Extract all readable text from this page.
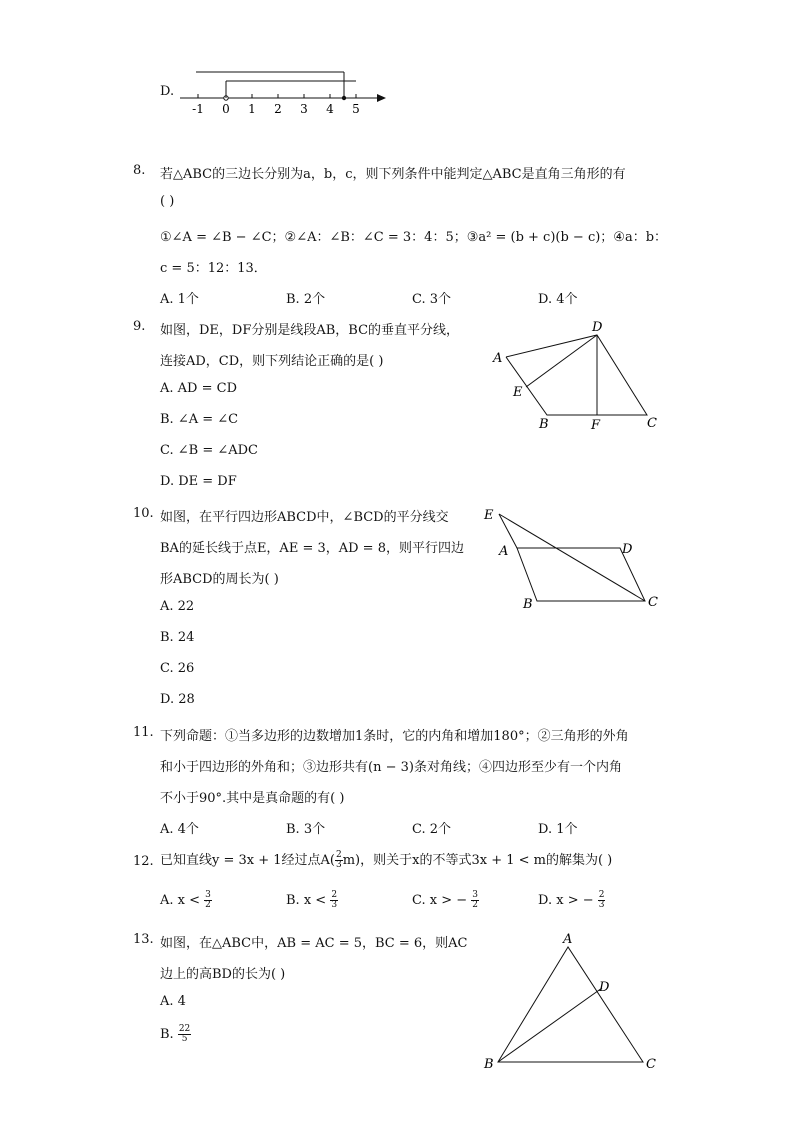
D.
-1 0 1 2 3 4 5
8. 若△ABC的三边长分别为a，b，c，则下列条件中能判定△ABC是直角三角形的有
( )
①∠A = ∠B − ∠C；②∠A：∠B：∠C = 3：4：5；③a² = (b + c)(b − c)；④a：b：
c = 5：12：13．
A. 1个	B. 2个	C. 3个	D. 4个
9. 如图，DE，DF分别是线段AB，BC的垂直平分线，
连接AD，CD，则下列结论正确的是( )
A. AD = CD
B. ∠A = ∠C
C. ∠B = ∠ADC
D. DE = DF
A
D
E
B	F	C
10. 如图，在平行四边形ABCD中，∠BCD的平分线交
BA的延长线于点E，AE = 3，AD = 8，则平行四边
形ABCD的周长为( )
A. 22
B. 24
C. 26
D. 28
E
A	D
B	C
11. 下列命题：①当多边形的边数增加1条时，它的内角和增加180°；②三角形的外角
和小于四边形的外角和；③边形共有(n − 3)条对角线；④四边形至少有一个内角
不小于90°.其中是真命题的有( )
A. 4个	B. 3个	C. 2个	D. 1个
12. 已知直线y = 3x + 1经过点$A( \frac{2}{3} m)$，则关于x的不等式3x + 1 < m的解集为( )
A. $x < \frac{3}{2}$	B. $x < \frac{2}{3}$	C. x > − $\frac{3}{2}$	D. x > − $\frac{2}{3}$
13. 如图，在△ABC中，AB = AC = 5，BC = 6，则AC
边上的高BD的长为( )
A. 4
B. $\frac{22}{5}$
A
D
B	C
